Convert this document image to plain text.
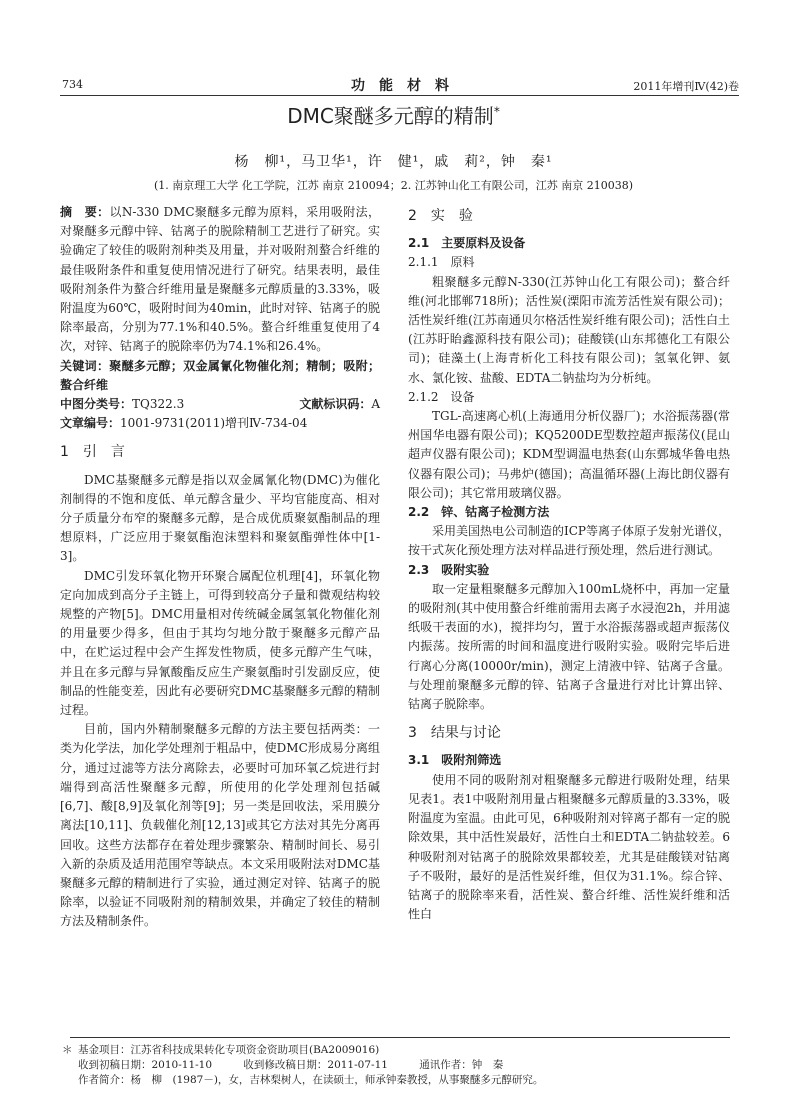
734	功　能　材　料	2011年增刊Ⅳ(42)卷
DMC聚醚多元醇的精制*
杨　柳¹，马卫华¹，许　健¹，戚　莉²，钟　秦¹
(1. 南京理工大学 化工学院，江苏 南京 210094；2. 江苏钟山化工有限公司，江苏 南京 210038)

摘　要：以N-330 DMC聚醚多元醇为原料，采用吸附法，对聚醚多元醇中锌、钴离子的脱除精制工艺进行了研究。实验确定了较佳的吸附剂种类及用量，并对吸附剂螯合纤维的最佳吸附条件和重复使用情况进行了研究。结果表明，最佳吸附剂条件为螯合纤维用量是聚醚多元醇质量的3.33%，吸附温度为60℃，吸附时间为40min，此时对锌、钴离子的脱除率最高，分别为77.1%和40.5%。螯合纤维重复使用了4次，对锌、钴离子的脱除率仍为74.1%和26.4%。

关键词：聚醚多元醇；双金属氰化物催化剂；精制；吸附；螯合纤维

中图分类号：TQ322.3	文献标识码：A

文章编号：1001-9731(2011)增刊Ⅳ-734-04

1　引　言

DMC基聚醚多元醇是指以双金属氰化物(DMC)为催化剂制得的不饱和度低、单元醇含量少、平均官能度高、相对分子质量分布窄的聚醚多元醇，是合成优质聚氨酯制品的理想原料，广泛应用于聚氨酯泡沫塑料和聚氨酯弹性体中[1-3]。

DMC引发环氧化物开环聚合属配位机理[4]，环氧化物定向加成到高分子主链上，可得到较高分子量和微观结构较规整的产物[5]。DMC用量相对传统碱金属氢氧化物催化剂的用量要少得多，但由于其均匀地分散于聚醚多元醇产品中，在贮运过程中会产生挥发性物质，使多元醇产生气味，并且在多元醇与异氰酸酯反应生产聚氨酯时引发副反应，使制品的性能变差，因此有必要研究DMC基聚醚多元醇的精制过程。

目前，国内外精制聚醚多元醇的方法主要包括两类：一类为化学法，加化学处理剂于粗品中，使DMC形成易分离组分，通过过滤等方法分离除去，必要时可加环氧乙烷进行封端得到高活性聚醚多元醇，所使用的化学处理剂包括碱[6,7]、酸[8,9]及氧化剂等[9]；另一类是回收法，采用膜分离法[10,11]、负载催化剂[12,13]或其它方法对其先分离再回收。这些方法都存在着处理步骤繁杂、精制时间长、易引入新的杂质及适用范围窄等缺点。本文采用吸附法对DMC基聚醚多元醇的精制进行了实验，通过测定对锌、钴离子的脱除率，以验证不同吸附剂的精制效果，并确定了较佳的精制方法及精制条件。

2　实　验
2.1　主要原料及设备
2.1.1　原料

粗聚醚多元醇N-330(江苏钟山化工有限公司)；螯合纤维(河北邯郸718所)；活性炭(溧阳市流芳活性炭有限公司)；活性炭纤维(江苏南通贝尔格活性炭纤维有限公司)；活性白土(江苏盱眙鑫源科技有限公司)；硅酸镁(山东邦德化工有限公司)；硅藻土(上海青析化工科技有限公司)；氢氧化钾、氨水、氯化铵、盐酸、EDTA二钠盐均为分析纯。

2.1.2　设备

TGL-高速离心机(上海通用分析仪器厂)；水浴振荡器(常州国华电器有限公司)；KQ5200DE型数控超声振荡仪(昆山超声仪器有限公司)；KDM型调温电热套(山东鄄城华鲁电热仪器有限公司)；马弗炉(德国)；高温循环器(上海比朗仪器有限公司)；其它常用玻璃仪器。

2.2　锌、钴离子检测方法

采用美国热电公司制造的ICP等离子体原子发射光谱仪，按干式灰化预处理方法对样品进行预处理，然后进行测试。

2.3　吸附实验

取一定量粗聚醚多元醇加入100mL烧杯中，再加一定量的吸附剂(其中使用螯合纤维前需用去离子水浸泡2h，并用滤纸吸干表面的水)，搅拌均匀，置于水浴振荡器或超声振荡仪内振荡。按所需的时间和温度进行吸附实验。吸附完毕后进行离心分离(10000r/min)，测定上清液中锌、钴离子含量。与处理前聚醚多元醇的锌、钴离子含量进行对比计算出锌、钴离子脱除率。

3　结果与讨论
3.1　吸附剂筛选

使用不同的吸附剂对粗聚醚多元醇进行吸附处理，结果见表1。表1中吸附剂用量占粗聚醚多元醇质量的3.33%，吸附温度为室温。由此可见，6种吸附剂对锌离子都有一定的脱除效果，其中活性炭最好，活性白土和EDTA二钠盐较差。6种吸附剂对钴离子的脱除效果都较差，尤其是硅酸镁对钴离子不吸附，最好的是活性炭纤维，但仅为31.1%。综合锌、钴离子的脱除率来看，活性炭、螯合纤维、活性炭纤维和活性白

＊ 基金项目：江苏省科技成果转化专项资金资助项目(BA2009016)
收到初稿日期：2010-11-10	收到修改稿日期：2011-07-11	通讯作者：钟　秦
作者简介：杨　柳　(1987－)，女，吉林梨树人，在读硕士，师承钟秦教授，从事聚醚多元醇研究。
